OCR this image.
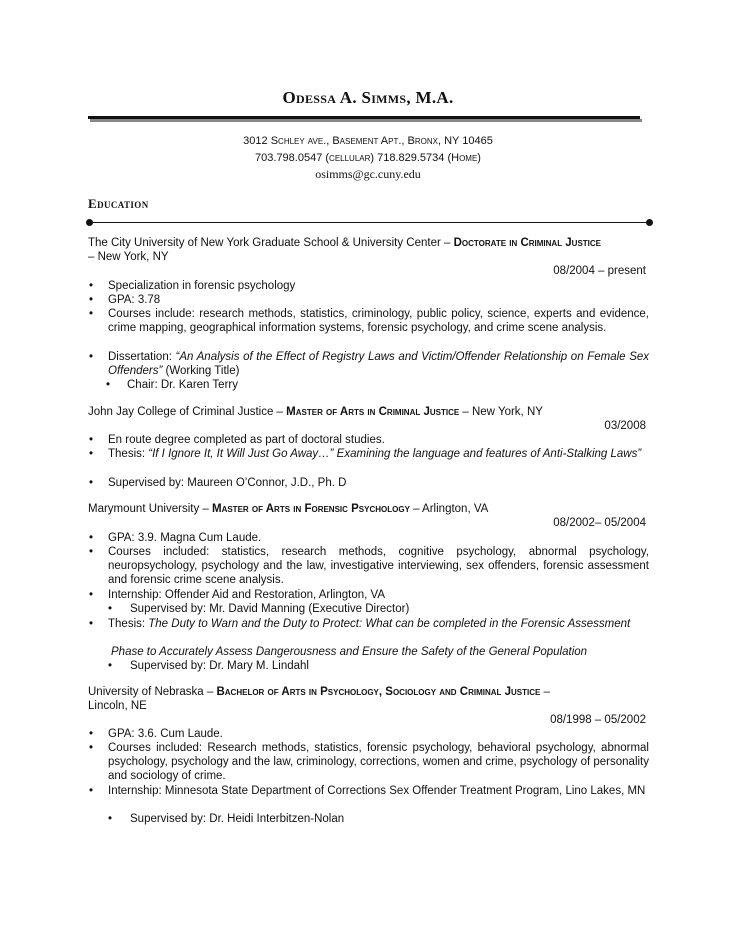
Odessa A. Simms, M.A.
3012 Schley ave., Basement Apt., Bronx, NY 10465
703.798.0547 (cellular) 718.829.5734 (Home)
osimms@gc.cuny.edu
Education
The City University of New York Graduate School & University Center – Doctorate in Criminal Justice
– New York, NY
08/2004 – present
• Specialization in forensic psychology
• GPA: 3.78
• Courses include: research methods, statistics, criminology, public policy, science, experts and evidence, crime mapping, geographical information systems, forensic psychology, and crime scene analysis.
• Dissertation: “An Analysis of the Effect of Registry Laws and Victim/Offender Relationship on Female Sex Offenders” (Working Title)
• Chair: Dr. Karen Terry
John Jay College of Criminal Justice – Master of Arts in Criminal Justice – New York, NY
03/2008
• En route degree completed as part of doctoral studies.
• Thesis: “If I Ignore It, It Will Just Go Away…” Examining the language and features of Anti-Stalking Laws”
• Supervised by: Maureen O’Connor, J.D., Ph. D
Marymount University – Master of Arts in Forensic Psychology – Arlington, VA
08/2002– 05/2004
• GPA: 3.9. Magna Cum Laude.
• Courses included: statistics, research methods, cognitive psychology, abnormal psychology, neuropsychology, psychology and the law, investigative interviewing, sex offenders, forensic assessment and forensic crime scene analysis.
• Internship: Offender Aid and Restoration, Arlington, VA
• Supervised by: Mr. David Manning (Executive Director)
• Thesis: The Duty to Warn and the Duty to Protect: What can be completed in the Forensic Assessment
Phase to Accurately Assess Dangerousness and Ensure the Safety of the General Population
• Supervised by: Dr. Mary M. Lindahl
University of Nebraska – Bachelor of Arts in Psychology, Sociology and Criminal Justice –
Lincoln, NE
08/1998 – 05/2002
• GPA: 3.6. Cum Laude.
• Courses included: Research methods, statistics, forensic psychology, behavioral psychology, abnormal psychology, psychology and the law, criminology, corrections, women and crime, psychology of personality and sociology of crime.
• Internship: Minnesota State Department of Corrections Sex Offender Treatment Program, Lino Lakes, MN
• Supervised by: Dr. Heidi Interbitzen-Nolan
